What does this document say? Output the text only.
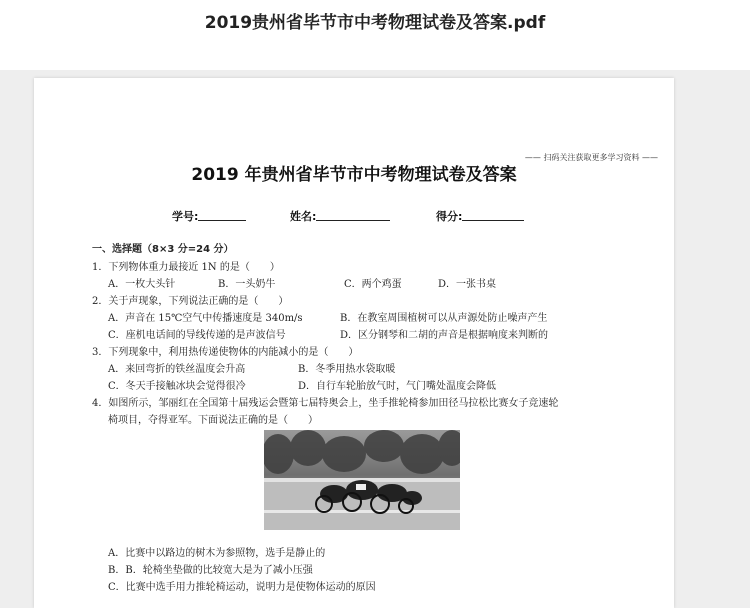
2019贵州省毕节市中考物理试卷及答案.pdf
—— 扫码关注获取更多学习资料 ——
2019 年贵州省毕节市中考物理试卷及答案
学号:	姓名:	得分:
一、选择题（8×3 分=24 分）
1．下列物体重力最接近 1N 的是（　　）
A．一枚大头针	B．一头奶牛	C．两个鸡蛋	D．一张书桌
2．关于声现象，下列说法正确的是（　　）
A．声音在 15℃空气中传播速度是 340m/s	B．在教室周围植树可以从声源处防止噪声产生
C．座机电话间的导线传递的是声波信号	D．区分钢琴和二胡的声音是根据响度来判断的
3．下列现象中，利用热传递使物体的内能减小的是（　　）
A．来回弯折的铁丝温度会升高	B．冬季用热水袋取暖
C．冬天手接触冰块会觉得很冷	D．自行车轮胎放气时，气门嘴处温度会降低
4．如图所示，邹丽红在全国第十届残运会暨第七届特奥会上，坐手推轮椅参加田径马拉松比赛女子竞速轮
椅项目，夺得亚军。下面说法正确的是（　　）
A．比赛中以路边的树木为参照物，选手是静止的
B．B．轮椅坐垫做的比较宽大是为了减小压强
C．比赛中选手用力推轮椅运动，说明力是使物体运动的原因
